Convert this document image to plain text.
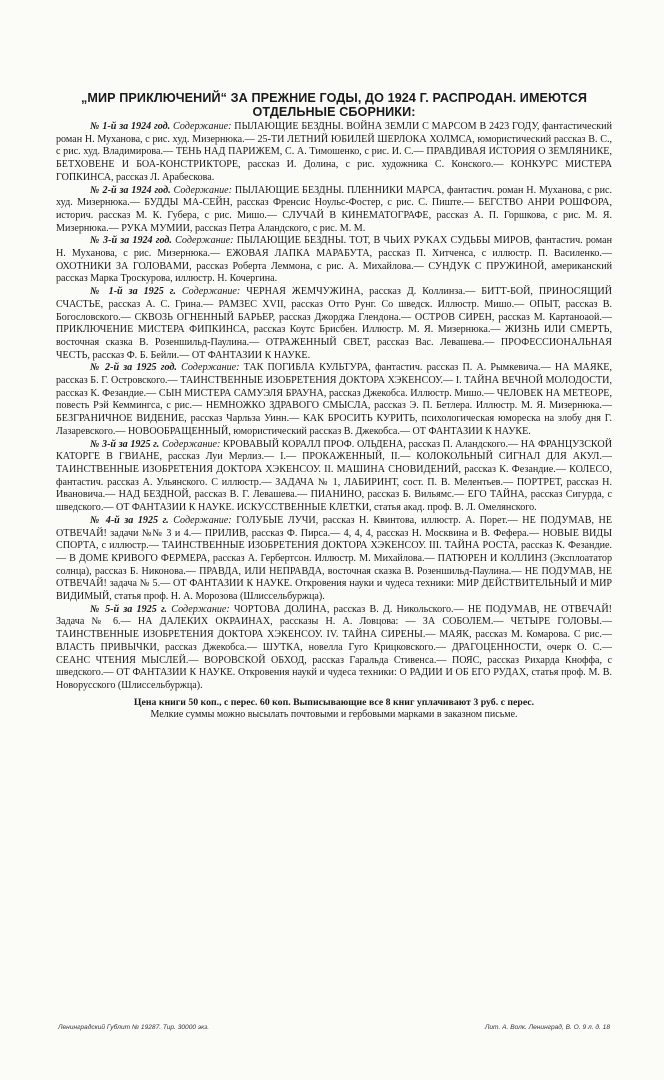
„МИР ПРИКЛЮЧЕНИЙ“ ЗА ПРЕЖНИЕ ГОДЫ, ДО 1924 Г. РАСПРОДАН. ИМЕЮТСЯ ОТДЕЛЬНЫЕ СБОРНИКИ:

№ 1-й за 1924 год. Содержание: ПЫЛАЮЩИЕ БЕЗДНЫ. ВОЙНА ЗЕМЛИ С МАРСОМ В 2423 ГОДУ, фантастический роман Н. Муханова, с рис. худ. Мизернюка.— 25-ТИ ЛЕТНИЙ ЮБИЛЕЙ ШЕРЛОКА ХОЛМСА, юмористический рассказ В. С., с рис. худ. Владимирова.— ТЕНЬ НАД ПАРИЖЕМ, С. А. Тимошенко, с рис. И. С.— ПРАВДИВАЯ ИСТОРИЯ О ЗЕМЛЯНИКЕ, БЕТХОВЕНЕ И БОА-КОНСТРИКТОРЕ, рассказ И. Долина, с рис. художника С. Конского.— КОНКУРС МИСТЕРА ГОПКИНСА, рассказ Л. Арабескова.

№ 2-й за 1924 год. Содержание: ПЫЛАЮЩИЕ БЕЗДНЫ. ПЛЕННИКИ МАРСА, фантастич. роман Н. Муханова, с рис. худ. Мизернюка.— БУДДЫ МА-СЕЙН, рассказ Френсис Ноульс-Фостер, с рис. С. Пиште.— БЕГСТВО АНРИ РОШФОРА, историч. рассказ М. К. Губера, с рис. Мишо.— СЛУЧАЙ В КИНЕМАТОГРАФЕ, рассказ А. П. Горшкова, с рис. М. Я. Мизернюка.— РУКА МУМИИ, рассказ Петра Аландского, с рис. М. М.

№ 3-й за 1924 год. Содержание: ПЫЛАЮЩИЕ БЕЗДНЫ. ТОТ, В ЧЬИХ РУКАХ СУДЬБЫ МИРОВ, фантастич. роман Н. Муханова, с рис. Мизернюка.— ЕЖОВАЯ ЛАПКА МАРАБУТА, рассказ П. Хитченса, с иллюстр. П. Василенко.— ОХОТНИКИ ЗА ГОЛОВАМИ, рассказ Роберта Леммона, с рис. А. Михайлова.— СУНДУК С ПРУЖИНОЙ, американский рассказ Марка Троскурова, иллюстр. Н. Кочергина.

№ 1-й за 1925 г. Содержание: ЧЕРНАЯ ЖЕМЧУЖИНА, рассказ Д. Коллинза.— БИТТ-БОЙ, ПРИНОСЯЩИЙ СЧАСТЬЕ, рассказ А. С. Грина.— РАМЗЕС XVII, рассказ Отто Рунг. Со шведск. Иллюстр. Мишо.— ОПЫТ, рассказ В. Богословского.— СКВОЗЬ ОГНЕННЫЙ БАРЬЕР, рассказ Джорджа Глендона.— ОСТРОВ СИРЕН, рассказ М. Картаноаой.— ПРИКЛЮЧЕНИЕ МИСТЕРА ФИПКИНСА, рассказ Коутс Брисбен. Иллюстр. М. Я. Мизернюка.— ЖИЗНЬ ИЛИ СМЕРТЬ, восточная сказка В. Розеншильд-Паулина.— ОТРАЖЕННЫЙ СВЕТ, рассказ Вас. Левашева.— ПРОФЕССИОНАЛЬНАЯ ЧЕСТЬ, рассказ Ф. Б. Бейли.— ОТ ФАНТАЗИИ К НАУКЕ.

№ 2-й за 1925 год. Содержание: ТАК ПОГИБЛА КУЛЬТУРА, фантастич. рассказ П. А. Рымкевича.— НА МАЯКЕ, рассказ Б. Г. Островского.— ТАИНСТВЕННЫЕ ИЗОБРЕТЕНИЯ ДОКТОРА ХЭКЕНСОУ.— I. ТАЙНА ВЕЧНОЙ МОЛОДОСТИ, рассказ К. Фезандие.— СЫН МИСТЕРА САМУЭЛЯ БРАУНА, рассказ Джекобса. Иллюстр. Мишо.— ЧЕЛОВЕК НА МЕТЕОРЕ, повесть Рэй Кеммингса, с рис.— НЕМНОЖКО ЗДРАВОГО СМЫСЛА, рассказ Э. П. Бетлера. Иллюстр. М. Я. Мизернюка.— БЕЗГРАНИЧНОЕ ВИДЕНИЕ, рассказ Чарльза Уинн.— КАК БРОСИТЬ КУРИТЬ, психологическая юмореска на злобу дня Г. Лазаревского.— НОВООБРАЩЕННЫЙ, юмористический рассказ В. Джекобса.— ОТ ФАНТАЗИИ К НАУКЕ.

№ 3-й за 1925 г. Содержание: КРОВАВЫЙ КОРАЛЛ ПРОФ. ОЛЬДЕНА, рассказ П. Аландского.— НА ФРАНЦУЗСКОЙ КАТОРГЕ В ГВИАНЕ, рассказ Луи Мерлиз.— I.— ПРОКАЖЕННЫЙ, II.— КОЛОКОЛЬНЫЙ СИГНАЛ ДЛЯ АКУЛ.— ТАИНСТВЕННЫЕ ИЗОБРЕТЕНИЯ ДОКТОРА ХЭКЕНСОУ. II. МАШИНА СНОВИДЕНИЙ, рассказ К. Фезандие.— КОЛЕСО, фантастич. рассказ А. Ульянского. С иллюстр.— ЗАДАЧА № 1, ЛАБИРИНТ, сост. П. В. Мелентьев.— ПОРТРЕТ, рассказ Н. Ивановича.— НАД БЕЗДНОЙ, рассказ В. Г. Левашева.— ПИАНИНО, рассказ Б. Вильямс.— ЕГО ТАЙНА, рассказ Сигурда, с шведского.— ОТ ФАНТАЗИИ К НАУКЕ. ИСКУССТВЕННЫЕ КЛЕТКИ, статья акад. проф. В. Л. Омелянского.

№ 4-й за 1925 г. Содержание: ГОЛУБЫЕ ЛУЧИ, рассказ Н. Квинтова, иллюстр. А. Порет.— НЕ ПОДУМАВ, НЕ ОТВЕЧАЙ! задачи №№ 3 и 4.— ПРИЛИВ, рассказ Ф. Пирса.— 4, 4, 4, рассказ Н. Москвина и В. Фефера.— НОВЫЕ ВИДЫ СПОРТА, с иллюстр.— ТАИНСТВЕННЫЕ ИЗОБРЕТЕНИЯ ДОКТОРА ХЭКЕНСОУ. III. ТАЙНА РОСТА, рассказ К. Фезандие.— В ДОМЕ КРИВОГО ФЕРМЕРА, рассказ А. Гербертсон. Иллюстр. М. Михайлова.— ПАТЮРЕН И КОЛЛИНЗ (Эксплоататор солнца), рассказ Б. Никонова.— ПРАВДА, ИЛИ НЕПРАВДА, восточная сказка В. Розеншильд-Паулина.— НЕ ПОДУМАВ, НЕ ОТВЕЧАЙ! задача № 5.— ОТ ФАНТАЗИИ К НАУКЕ. Откровения науки и чудеса техники: МИР ДЕЙСТВИТЕЛЬНЫЙ И МИР ВИДИМЫЙ, статья проф. Н. А. Морозова (Шлиссельбуржца).

№ 5-й за 1925 г. Содержание: ЧОРТОВА ДОЛИНА, рассказ В. Д. Никольского.— НЕ ПОДУМАВ, НЕ ОТВЕЧАЙ! Задача № 6.— НА ДАЛЕКИХ ОКРАИНАХ, рассказы Н. А. Ловцова: — ЗА СОБОЛЕМ.— ЧЕТЫРЕ ГОЛОВЫ.— ТАИНСТВЕННЫЕ ИЗОБРЕТЕНИЯ ДОКТОРА ХЭКЕНСОУ. IV. ТАЙНА СИРЕНЫ.— МАЯК, рассказ М. Комарова. С рис.— ВЛАСТЬ ПРИВЫЧКИ, рассказ Джекобса.— ШУТКА, новелла Гуго Крицковского.— ДРАГОЦЕННОСТИ, очерк О. С.— СЕАНС ЧТЕНИЯ МЫСЛЕЙ.— ВОРОВСКОЙ ОБХОД, рассказ Гаральда Стивенса.— ПОЯС, рассказ Рихарда Кноффа, с шведского.— ОТ ФАНТАЗИИ К НАУКЕ. Откровения наукй и чудеса техники: О РАДИИ И ОБ ЕГО РУДАХ, статья проф. М. В. Новорусского (Шлиссельбуржца).

Цена книги 50 коп., с перес. 60 коп. Выписывающие все 8 книг уплачивают 3 руб. с перес.
Мелкие суммы можно высылать почтовыми и гербовыми марками в заказном письме.
Ленинградский Гублит № 19287. Тир. 30000 экз.	Лит. А. Волк. Ленинград, В. О. 9 л. д. 18
